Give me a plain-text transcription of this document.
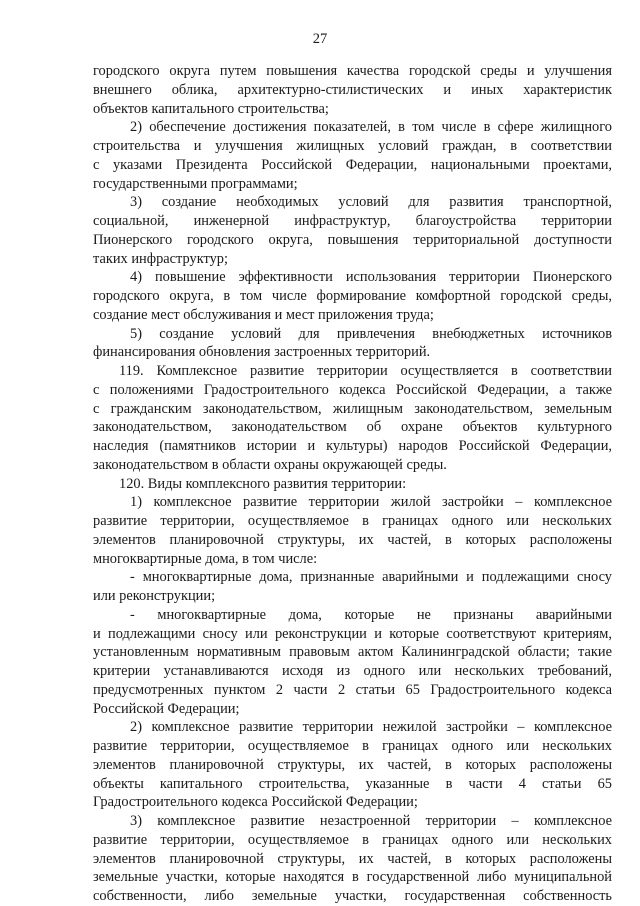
27
городского округа путем повышения качества городской среды и улучшения
внешнего облика, архитектурно-стилистических и иных характеристик
объектов капитального строительства;
2) обеспечение достижения показателей, в том числе в сфере жилищного
строительства и улучшения жилищных условий граждан, в соответствии
с указами Президента Российской Федерации, национальными проектами,
государственными программами;
3) создание необходимых условий для развития транспортной,
социальной, инженерной инфраструктур, благоустройства территории
Пионерского городского округа, повышения территориальной доступности
таких инфраструктур;
4) повышение эффективности использования территории Пионерского
городского округа, в том числе формирование комфортной городской среды,
создание мест обслуживания и мест приложения труда;
5) создание условий для привлечения внебюджетных источников
финансирования обновления застроенных территорий.
119. Комплексное развитие территории осуществляется в соответствии
с положениями Градостроительного кодекса Российской Федерации, а также
с гражданским законодательством, жилищным законодательством, земельным
законодательством, законодательством об охране объектов культурного
наследия (памятников истории и культуры) народов Российской Федерации,
законодательством в области охраны окружающей среды.
120. Виды комплексного развития территории:
1) комплексное развитие территории жилой застройки – комплексное
развитие территории, осуществляемое в границах одного или нескольких
элементов планировочной структуры, их частей, в которых расположены
многоквартирные дома, в том числе:
- многоквартирные дома, признанные аварийными и подлежащими сносу
или реконструкции;
- многоквартирные дома, которые не признаны аварийными
и подлежащими сносу или реконструкции и которые соответствуют критериям,
установленным нормативным правовым актом Калининградской области; такие
критерии устанавливаются исходя из одного или нескольких требований,
предусмотренных пунктом 2 части 2 статьи 65 Градостроительного кодекса
Российской Федерации;
2) комплексное развитие территории нежилой застройки – комплексное
развитие территории, осуществляемое в границах одного или нескольких
элементов планировочной структуры, их частей, в которых расположены
объекты капитального строительства, указанные в части 4 статьи 65
Градостроительного кодекса Российской Федерации;
3) комплексное развитие незастроенной территории – комплексное
развитие территории, осуществляемое в границах одного или нескольких
элементов планировочной структуры, их частей, в которых расположены
земельные участки, которые находятся в государственной либо муниципальной
собственности, либо земельные участки, государственная собственность
